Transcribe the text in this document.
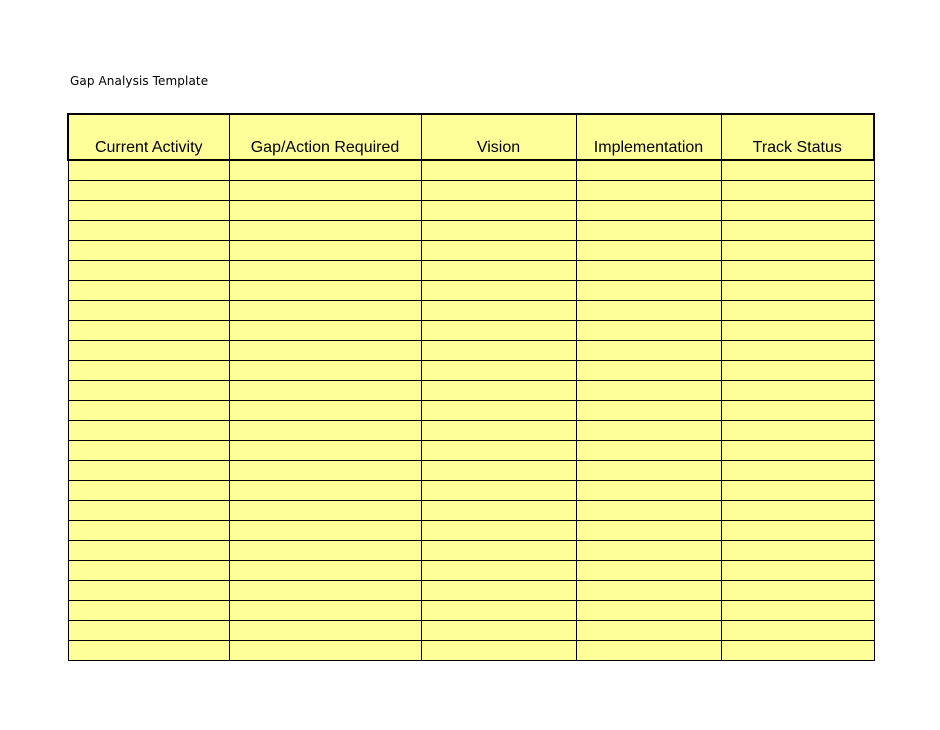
Gap Analysis Template
Current Activity	Gap/Action Required	Vision	Implementation	Track Status
